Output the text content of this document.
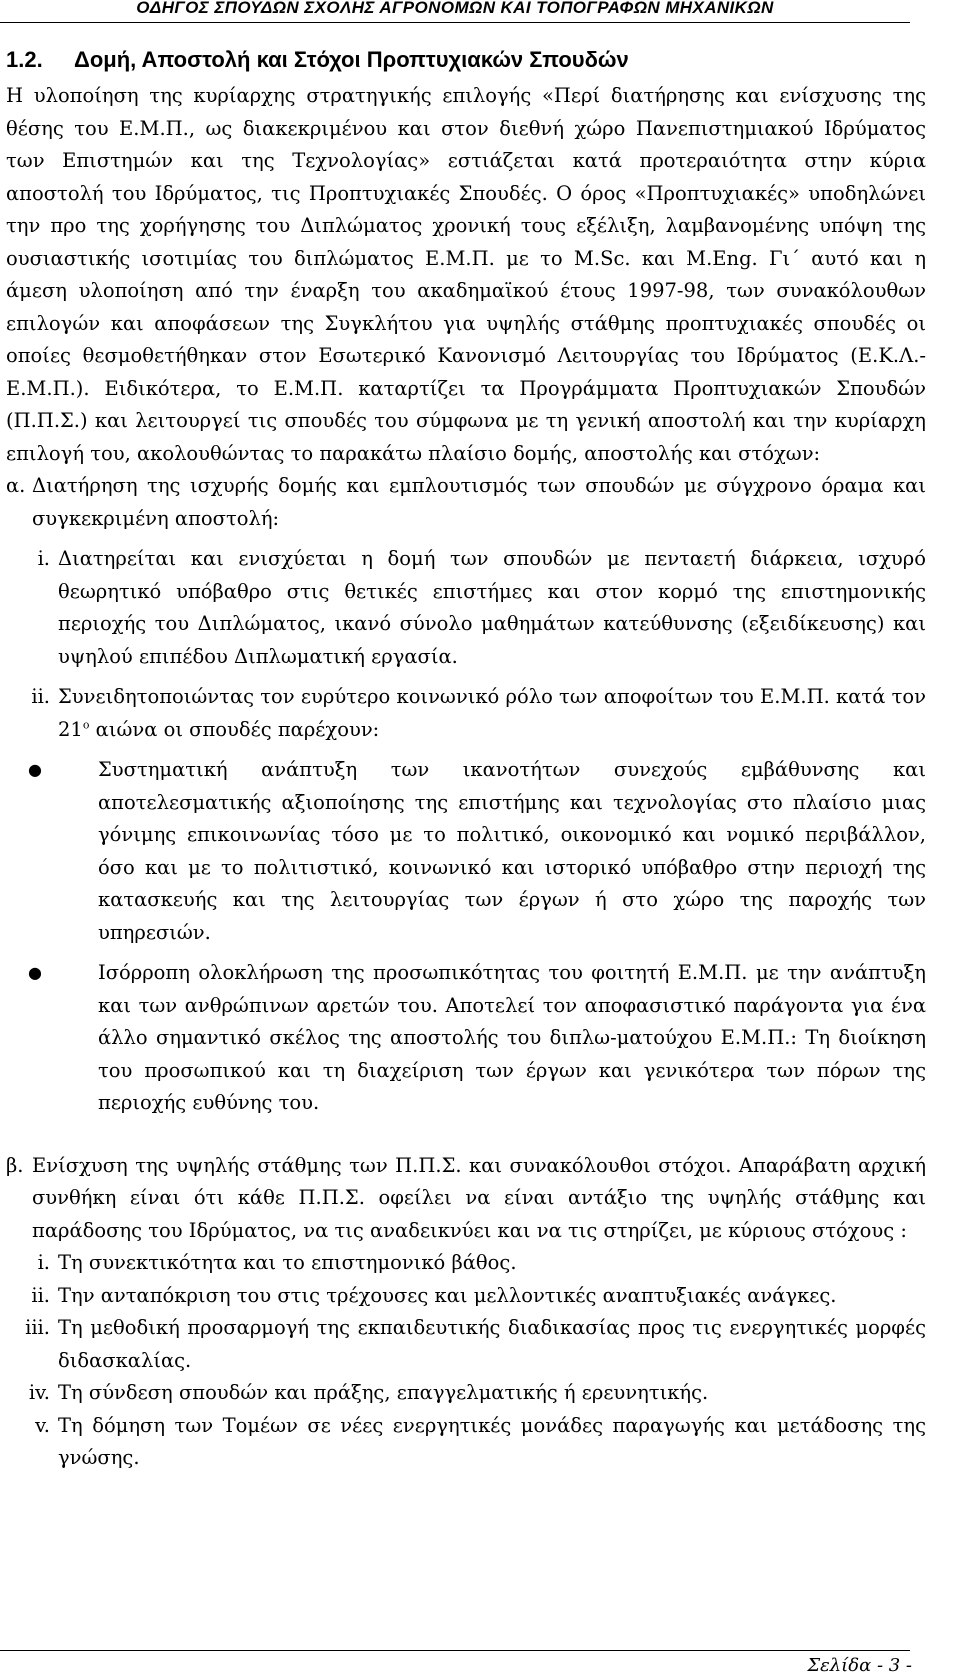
ΟΔΗΓΟΣ ΣΠΟΥΔΩΝ ΣΧΟΛΗΣ ΑΓΡΟΝΟΜΩΝ ΚΑΙ ΤΟΠΟΓΡΑΦΩΝ ΜΗΧΑΝΙΚΩΝ
1.2. Δομή, Αποστολή και Στόχοι Προπτυχιακών Σπουδών

Η υλοποίηση της κυρίαρχης στρατηγικής επιλογής «Περί διατήρησης και ενίσχυσης της θέσης του Ε.Μ.Π., ως διακεκριμένου και στον διεθνή χώρο Πανεπιστημιακού Ιδρύματος των Επιστημών και της Τεχνολογίας» εστιάζεται κατά προτεραιότητα στην κύρια αποστολή του Ιδρύματος, τις Προπτυχιακές Σπουδές. Ο όρος «Προπτυχιακές» υποδηλώνει την προ της χορήγησης του Διπλώματος χρονική τους εξέλιξη, λαμβανομένης υπόψη της ουσιαστικής ισοτιμίας του διπλώματος Ε.Μ.Π. με το M.Sc. και M.Eng. Γι΄ αυτό και η άμεση υλοποίηση από την έναρξη του ακαδημαϊκού έτους 1997-98, των συνακόλουθων επιλογών και αποφάσεων της Συγκλήτου για υψηλής στάθμης προπτυχιακές σπουδές οι οποίες θεσμοθετήθηκαν στον Εσωτερικό Κανονισμό Λειτουργίας του Ιδρύματος (Ε.Κ.Λ.-Ε.Μ.Π.). Ειδικότερα, το Ε.Μ.Π. καταρτίζει τα Προγράμματα Προπτυχιακών Σπουδών (Π.Π.Σ.) και λειτουργεί τις σπουδές του σύμφωνα με τη γενική αποστολή και την κυρίαρχη επιλογή του, ακολουθώντας το παρακάτω πλαίσιο δομής, αποστολής και στόχων:

α. Διατήρηση της ισχυρής δομής και εμπλουτισμός των σπουδών με σύγχρονο όραμα και συγκεκριμένη αποστολή:
i. Διατηρείται και ενισχύεται η δομή των σπουδών με πενταετή διάρκεια, ισχυρό θεωρητικό υπόβαθρο στις θετικές επιστήμες και στον κορμό της επιστημονικής περιοχής του Διπλώματος, ικανό σύνολο μαθημάτων κατεύθυνσης (εξειδίκευσης) και υψηλού επιπέδου Διπλωματική εργασία.
ii. Συνειδητοποιώντας τον ευρύτερο κοινωνικό ρόλο των αποφοίτων του Ε.Μ.Π. κατά τον $21^o$ αιώνα οι σπουδές παρέχουν:
●	Συστηματική ανάπτυξη των ικανοτήτων συνεχούς εμβάθυνσης και αποτελεσματικής αξιοποίησης της επιστήμης και τεχνολογίας στο πλαίσιο μιας γόνιμης επικοινωνίας τόσο με το πολιτικό, οικονομικό και νομικό περιβάλλον, όσο και με το πολιτιστικό, κοινωνικό και ιστορικό υπόβαθρο στην περιοχή της κατασκευής και της λειτουργίας των έργων ή στο χώρο της παροχής των υπηρεσιών.
●	Ισόρροπη ολοκλήρωση της προσωπικότητας του φοιτητή Ε.Μ.Π. με την ανάπτυξη και των ανθρώπινων αρετών του. Αποτελεί τον αποφασιστικό παράγοντα για ένα άλλο σημαντικό σκέλος της αποστολής του διπλω-ματούχου Ε.Μ.Π.: Τη διοίκηση του προσωπικού και τη διαχείριση των έργων και γενικότερα των πόρων της περιοχής ευθύνης του.
β. Ενίσχυση της υψηλής στάθμης των Π.Π.Σ. και συνακόλουθοι στόχοι. Απαράβατη αρχική συνθήκη είναι ότι κάθε Π.Π.Σ. οφείλει να είναι αντάξιο της υψηλής στάθμης και παράδοσης του Ιδρύματος, να τις αναδεικνύει και να τις στηρίζει, με κύριους στόχους :
i. Τη συνεκτικότητα και το επιστημονικό βάθος.
ii. Την ανταπόκριση του στις τρέχουσες και μελλοντικές αναπτυξιακές ανάγκες.
iii. Τη μεθοδική προσαρμογή της εκπαιδευτικής διαδικασίας προς τις ενεργητικές μορφές διδασκαλίας.
iv. Τη σύνδεση σπουδών και πράξης, επαγγελματικής ή ερευνητικής.
v. Τη δόμηση των Τομέων σε νέες ενεργητικές μονάδες παραγωγής και μετάδοσης της γνώσης.
Σελίδα - 3 -
